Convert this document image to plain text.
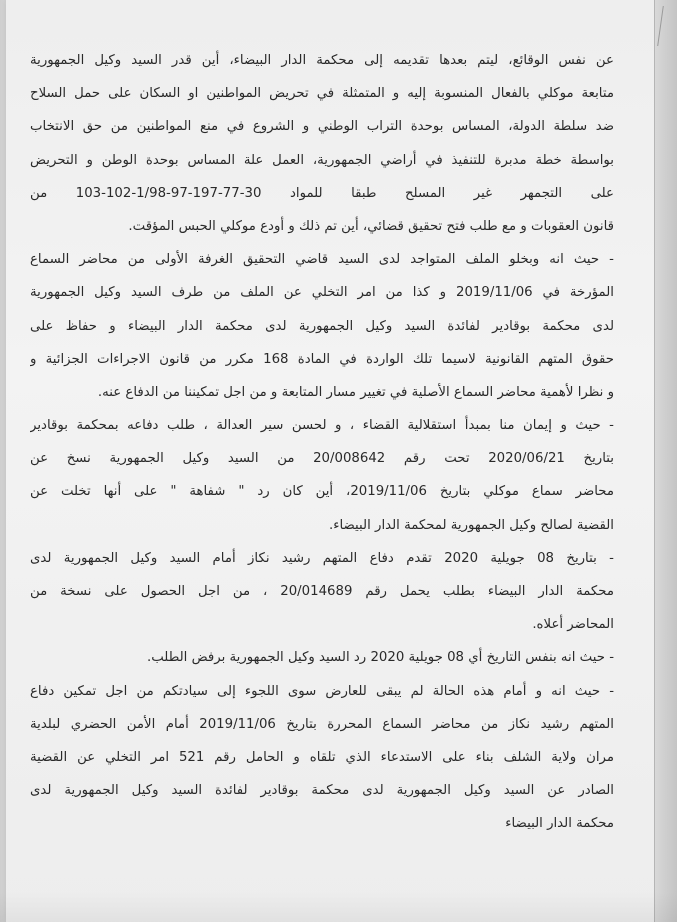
عن نفس الوقائع، ليتم بعدها تقديمه إلى محكمة الدار البيضاء، أين قدر السيد وكيل الجمهورية
متابعة موكلي بالفعال المنسوبة إليه و المتمثلة في تحريض المواطنين او السكان على حمل السلاح
ضد سلطة الدولة، المساس بوحدة التراب الوطني و الشروع في منع المواطنين من حق الانتخاب
بواسطة خطة مدبرة للتنفيذ في أراضي الجمهورية، العمل علة المساس بوحدة الوطن و التحريض
على التجمهر غير المسلح طبقا للمواد 30-77-197-97-1/98-102-103 من
قانون العقوبات و مع طلب فتح تحقيق قضائي، أين تم ذلك و أودع موكلي الحبس المؤقت.
- حيث انه وبخلو الملف المتواجد لدى السيد قاضي التحقيق الغرفة الأولى من محاضر السماع
المؤرخة في 2019/11/06 و كذا من امر التخلي عن الملف من طرف السيد وكيل الجمهورية
لدى محكمة بوقادير لفائدة السيد وكيل الجمهورية لدى محكمة الدار البيضاء و حفاظ على
حقوق المتهم القانونية لاسيما تلك الواردة في المادة 168 مكرر من قانون الاجراءات الجزائية و
و نظرا لأهمية محاضر السماع الأصلية في تغيير مسار المتابعة و من اجل تمكيننا من الدفاع عنه.
- حيث و إيمان منا بمبدأ استقلالية القضاء ، و لحسن سير العدالة ، طلب دفاعه بمحكمة بوقادير
بتاريخ 2020/06/21 تحت رقم 20/008642 من السيد وكيل الجمهورية نسخ عن
محاضر سماع موكلي بتاريخ 2019/11/06، أين كان رد " شفاهة " على أنها تخلت عن
القضية لصالح وكيل الجمهورية لمحكمة الدار البيضاء.
- بتاريخ 08 جويلية 2020 تقدم دفاع المتهم رشيد نكاز أمام السيد وكيل الجمهورية لدى
محكمة الدار البيضاء بطلب يحمل رقم 20/014689 ، من اجل الحصول على نسخة من
المحاضر أعلاه.
- حيث انه بنفس التاريخ أي 08 جويلية 2020 رد السيد وكيل الجمهورية برفض الطلب.
- حيث انه و أمام هذه الحالة لم يبقى للعارض سوى اللجوء إلى سيادتكم من اجل تمكين دفاع
المتهم رشيد نكاز من محاضر السماع المحررة بتاريخ 2019/11/06 أمام الأمن الحضري لبلدية
مران ولاية الشلف بناء على الاستدعاء الذي تلقاه و الحامل رقم 521 امر التخلي عن القضية
الصادر عن السيد وكيل الجمهورية لدى محكمة بوقادير لفائدة السيد وكيل الجمهورية لدى
محكمة الدار البيضاء
